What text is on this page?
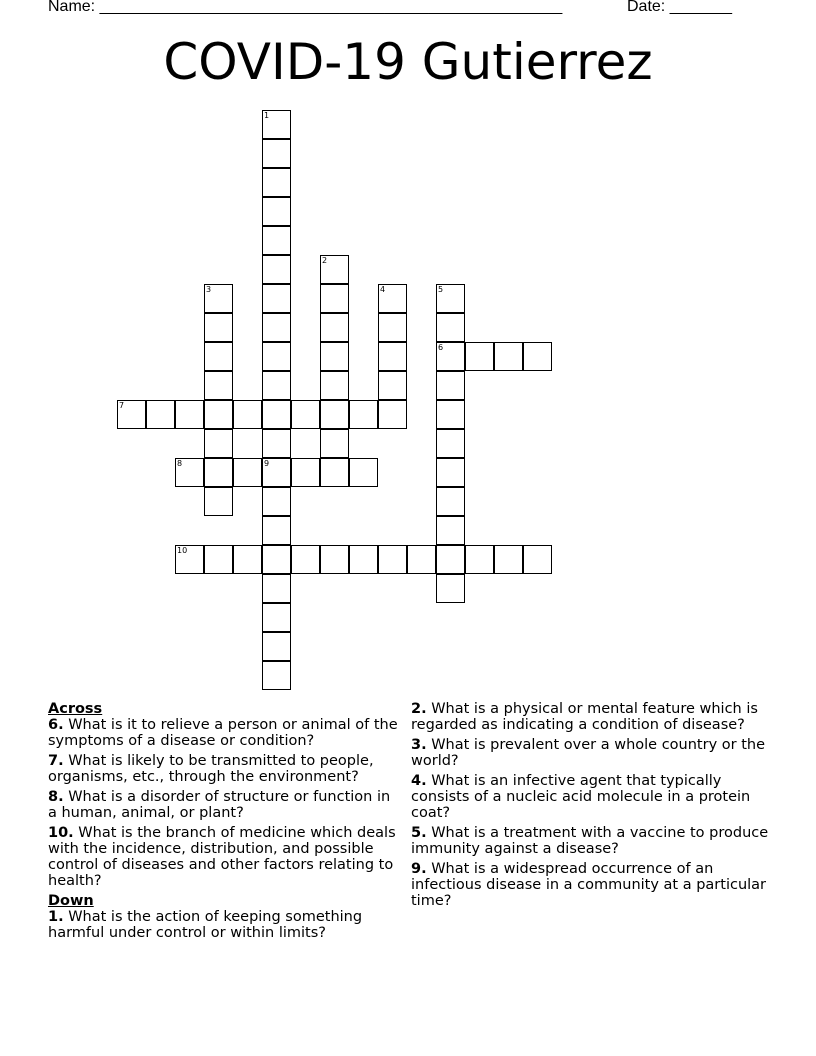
Name: ____________________________________________________	Date: _______
COVID-19 Gutierrez
1
9
2
3	4	5
6
7
8
10

Across

6. What is it to relieve a person or animal of the symptoms of a disease or condition?

7. What is likely to be transmitted to people, organisms, etc., through the environment?

8. What is a disorder of structure or function in a human, animal, or plant?

10. What is the branch of medicine which deals with the incidence, distribution, and possible control of diseases and other factors relating to health?

Down

1. What is the action of keeping something harmful under control or within limits?

2. What is a physical or mental feature which is regarded as indicating a condition of disease?

3. What is prevalent over a whole country or the world?

4. What is an infective agent that typically consists of a nucleic acid molecule in a protein coat?

5. What is a treatment with a vaccine to produce immunity against a disease?

9. What is a widespread occurrence of an infectious disease in a community at a particular time?
